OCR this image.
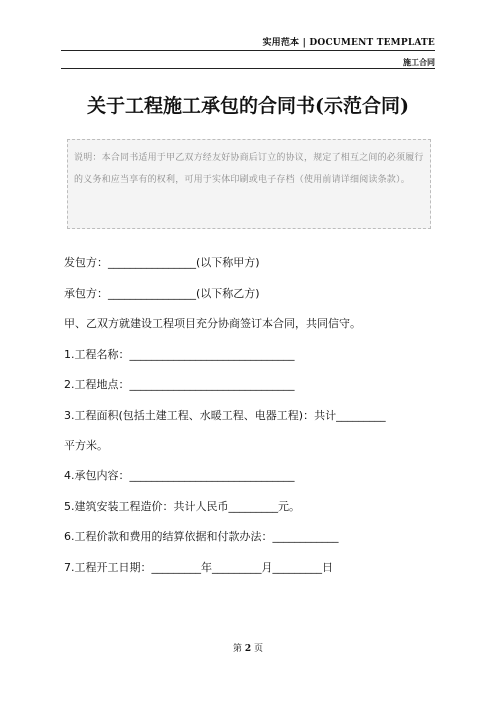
实用范本 | DOCUMENT TEMPLATE
施工合同
关于工程施工承包的合同书(示范合同)
说明：本合同书适用于甲乙双方经友好协商后订立的协议，规定了相互之间的必须履行的义务和应当享有的权利，可用于实体印刷或电子存档（使用前请详细阅读条款）。
发包方：________________(以下称甲方)
承包方：________________(以下称乙方)
甲、乙双方就建设工程项目充分协商签订本合同，共同信守。
1.工程名称：______________________________
2.工程地点：______________________________
3.工程面积(包括土建工程、水暖工程、电器工程)：共计_________
平方米。
4.承包内容：______________________________
5.建筑安装工程造价：共计人民币_________元。
6.工程价款和费用的结算依据和付款办法：____________
7.工程开工日期：_________年_________月_________日
第 2 页
